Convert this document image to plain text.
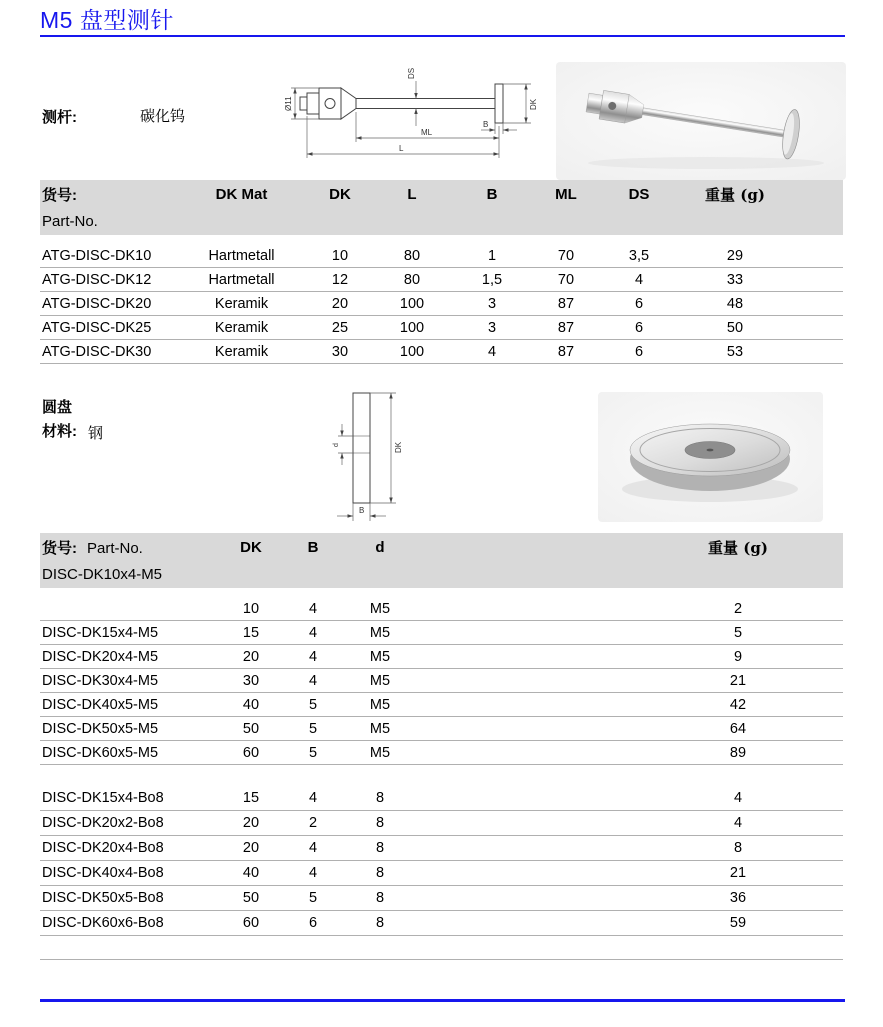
M5 盘型测针
测杆:	碳化钨
Ø11
DS
DK
B
ML
L
货号:	DK Mat	DK	L	B	ML	DS	重量 (g)	
Part-No.								
ATG-DISC-DK10	Hartmetall	10	80	1	70	3,5	29	
ATG-DISC-DK12	Hartmetall	12	80	1,5	70	4	33	
ATG-DISC-DK20	Keramik	20	100	3	87	6	48	
ATG-DISC-DK25	Keramik	25	100	3	87	6	50	
ATG-DISC-DK30	Keramik	30	100	4	87	6	53	
圆盘
材料: 钢
d	DK
B
货号: Part-No.	DK	B	d		重量 (g)	
DISC-DK10x4-M5						
	10	4	M5		2	
DISC-DK15x4-M5	15	4	M5		5	
DISC-DK20x4-M5	20	4	M5		9	
DISC-DK30x4-M5	30	4	M5		21	
DISC-DK40x5-M5	40	5	M5		42	
DISC-DK50x5-M5	50	5	M5		64	
DISC-DK60x5-M5	60	5	M5		89	

DISC-DK15x4-Bo8	15	4	8		4	
DISC-DK20x2-Bo8	20	2	8		4	
DISC-DK20x4-Bo8	20	4	8		8	
DISC-DK40x4-Bo8	40	4	8		21	
DISC-DK50x5-Bo8	50	5	8		36	
DISC-DK60x6-Bo8	60	6	8		59	
